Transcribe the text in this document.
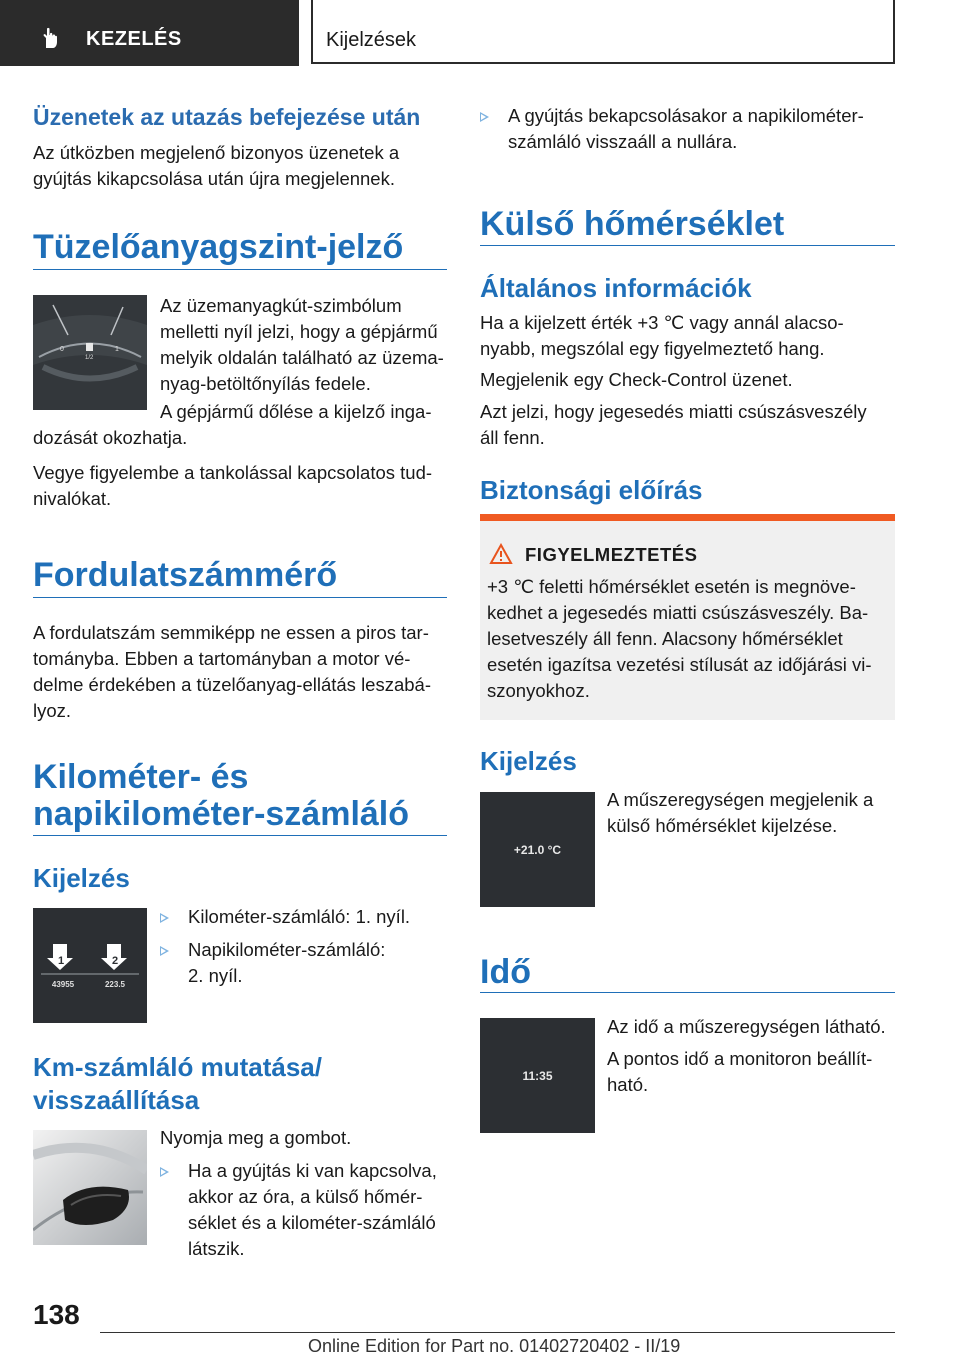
KEZELÉS	Kijelzések
Üzenetek az utazás befejezése után
Az útközben megjelenő bizonyos üzenetek a
gyújtás kikapcsolása után újra megjelennek.
Tüzelőanyagszint-jelző
0
1/2
1
Az üzemanyagkút-szimbólum
melletti nyíl jelzi, hogy a gépjármű
melyik oldalán található az üzema‐
nyag-betöltőnyílás fedele.
A gépjármű dőlése a kijelző inga‐
dozását okozhatja.
Vegye figyelembe a tankolással kapcsolatos tud‐
nivalókat.
Fordulatszámmérő
A fordulatszám semmiképp ne essen a piros tar‐
tományba. Ebben a tartományban a motor vé‐
delme érdekében a tüzelőanyag-ellátás leszabá‐
lyoz.
Kilométer- és
napikilométer-számláló
Kijelzés
1	2
43955	223.5
Kilométer-számláló: 1. nyíl.
Napikilométer-számláló:
2. nyíl.
Km-számláló mutatása/
visszaállítása
Nyomja meg a gombot.
Ha a gyújtás ki van kapcsolva,
akkor az óra, a külső hőmér‐
séklet és a kilométer-számláló
látszik.
A gyújtás bekapcsolásakor a napikilométer-
számláló visszaáll a nullára.
Külső hőmérséklet
Általános információk
Ha a kijelzett érték +3 ℃ vagy annál alacso‐
nyabb, megszólal egy figyelmeztető hang.
Megjelenik egy Check-Control üzenet.
Azt jelzi, hogy jegesedés miatti csúszásveszély
áll fenn.
Biztonsági előírás
FIGYELMEZTETÉS
+3 ℃ feletti hőmérséklet esetén is megnöve‐
kedhet a jegesedés miatti csúszásveszély. Ba‐
lesetveszély áll fenn. Alacsony hőmérséklet
esetén igazítsa vezetési stílusát az időjárási vi‐
szonyokhoz.
Kijelzés
+21.0 °C
A műszeregységen megjelenik a
külső hőmérséklet kijelzése.
Idő
11:35
Az idő a műszeregységen látható.
A pontos idő a monitoron beállít‐
ható.
138
Online Edition for Part no. 01402720402 - II/19
